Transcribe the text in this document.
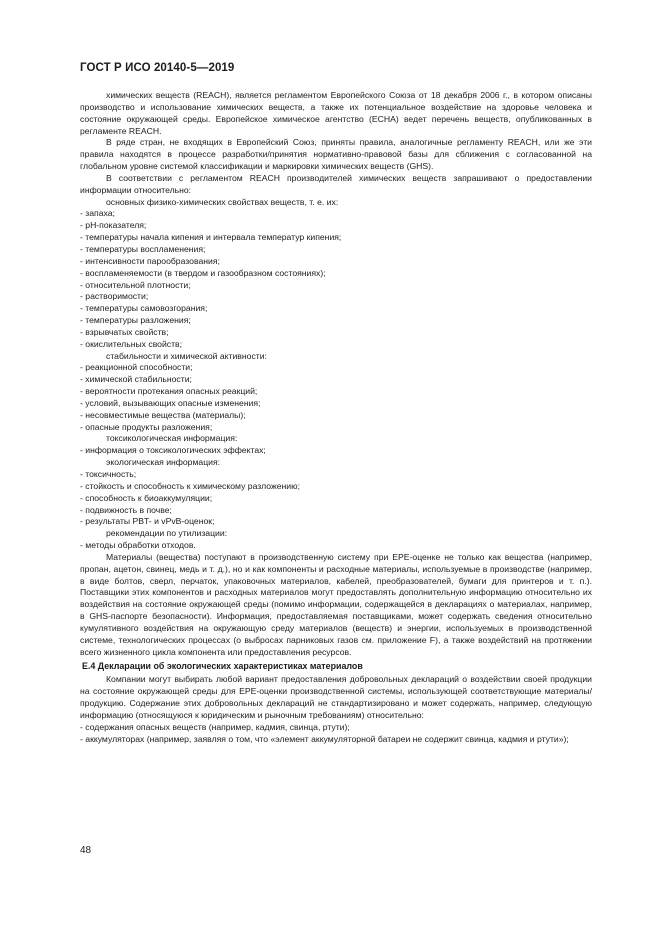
ГОСТ Р ИСО 20140-5—2019

химических веществ (REACH), является регламентом Европейского Союза от 18 декабря 2006 г., в котором описаны производство и использование химических веществ, а также их потенциальное воздействие на здоровье человека и состояние окружающей среды. Европейское химическое агентство (ECHA) ведет перечень веществ, опубликованных в регламенте REACH.

В ряде стран, не входящих в Европейский Союз, приняты правила, аналогичные регламенту REACH, или же эти правила находятся в процессе разработки/принятия нормативно-правовой базы для сближения с согласованной на глобальном уровне системой классификации и маркировки химических веществ (GHS).

В соответствии с регламентом REACH производителей химических веществ запрашивают о предоставлении информации относительно:

основных физико-химических свойствах веществ, т. е. их:

- запаха;

- pH-показателя;

- температуры начала кипения и интервала температур кипения;

- температуры воспламенения;

- интенсивности парообразования;

- воспламеняемости (в твердом и газообразном состояниях);

- относительной плотности;

- растворимости;

- температуры самовозгорания;

- температуры разложения;

- взрывчатых свойств;

- окислительных свойств;

стабильности и химической активности:

- реакционной способности;

- химической стабильности;

- вероятности протекания опасных реакций;

- условий, вызывающих опасные изменения;

- несовместимые вещества (материалы);

- опасные продукты разложения;

токсикологическая информация:

- информация о токсикологических эффектах;

экологическая информация:

- токсичность;

- стойкость и способность к химическому разложению;

- способность к биоаккумуляции;

- подвижность в почве;

- результаты PBT- и vPvB-оценок;

рекомендации по утилизации:

- методы обработки отходов.

Материалы (вещества) поступают в производственную систему при EPE-оценке не только как вещества (например, пропан, ацетон, свинец, медь и т. д.), но и как компоненты и расходные материалы, используемые в производстве (например, в виде болтов, сверл, перчаток, упаковочных материалов, кабелей, преобразователей, бумаги для принтеров и т. п.). Поставщики этих компонентов и расходных материалов могут предоставлять дополнительную информацию относительно их воздействия на состояние окружающей среды (помимо информации, содержащейся в декларациях о материалах, например, в GHS-паспорте безопасности). Информация, предоставляемая поставщиками, может содержать сведения относительно кумулятивного воздействия на окружающую среду материалов (веществ) и энергии, используемых в производственной системе, технологических процессах (о выбросах парниковых газов см. приложение F), а также воздействий на протяжении всего жизненного цикла компонента или предоставления ресурсов.

E.4 Декларации об экологических характеристиках материалов

Компании могут выбирать любой вариант предоставления добровольных деклараций о воздействии своей продукции на состояние окружающей среды для EPE-оценки производственной системы, использующей соответствующие материалы/продукцию. Содержание этих добровольных деклараций не стандартизировано и может содержать, например, следующую информацию (относящуюся к юридическим и рыночным требованиям) относительно:

- содержания опасных веществ (например, кадмия, свинца, ртути);

- аккумуляторах (например, заявляя о том, что «элемент аккумуляторной батареи не содержит свинца, кадмия и ртути»);

48
